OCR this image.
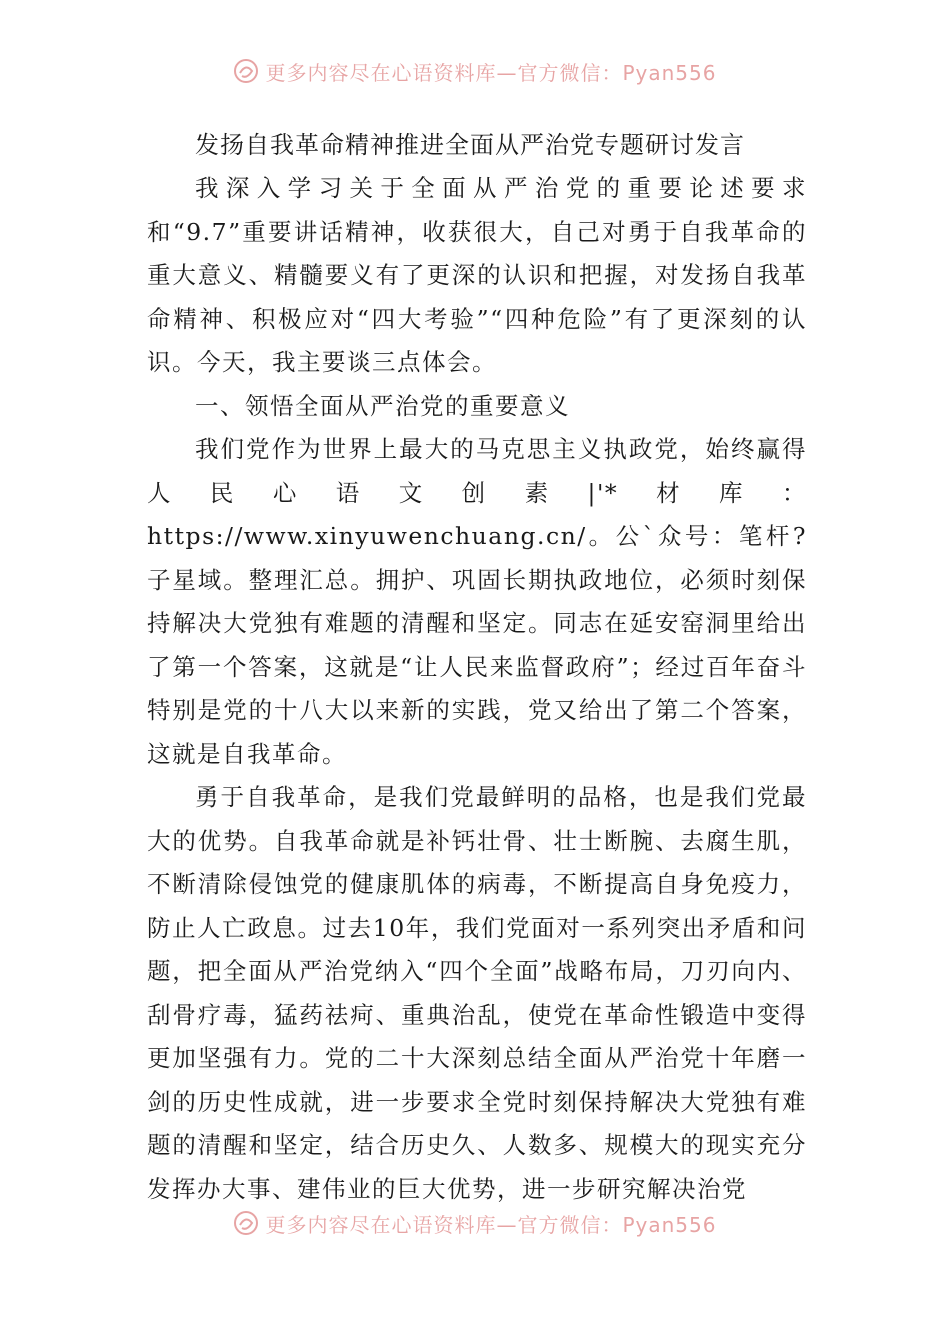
更多内容尽在心语资料库—官方微信：Pyan556
发扬自我革命精神推进全面从严治党专题研讨发言

我深入学习关于全面从严治党的重要论述要求和“9.7”重要讲话精神，收获很大，自己对勇于自我革命的重大意义、精髓要义有了更深的认识和把握，对发扬自我革命精神、积极应对“四大考验”“四种危险”有了更深刻的认识。今天，我主要谈三点体会。

一、领悟全面从严治党的重要意义

我们党作为世界上最大的马克思主义执政党，始终赢得人民心语文创素|'*材库：https://www.xinyuwenchuang.cn/。公`众号：笔杆?子星域。整理汇总。拥护、巩固长期执政地位，必须时刻保持解决大党独有难题的清醒和坚定。同志在延安窑洞里给出了第一个答案，这就是“让人民来监督政府”；经过百年奋斗特别是党的十八大以来新的实践，党又给出了第二个答案，这就是自我革命。

勇于自我革命，是我们党最鲜明的品格，也是我们党最大的优势。自我革命就是补钙壮骨、壮士断腕、去腐生肌，不断清除侵蚀党的健康肌体的病毒，不断提高自身免疫力，防止人亡政息。过去10年，我们党面对一系列突出矛盾和问题，把全面从严治党纳入“四个全面”战略布局，刀刃向内、刮骨疗毒，猛药祛疴、重典治乱，使党在革命性锻造中变得更加坚强有力。党的二十大深刻总结全面从严治党十年磨一剑的历史性成就，进一步要求全党时刻保持解决大党独有难题的清醒和坚定，结合历史久、人数多、规模大的现实充分发挥办大事、建伟业的巨大优势，进一步研究解决治党

更多内容尽在心语资料库—官方微信：Pyan556
